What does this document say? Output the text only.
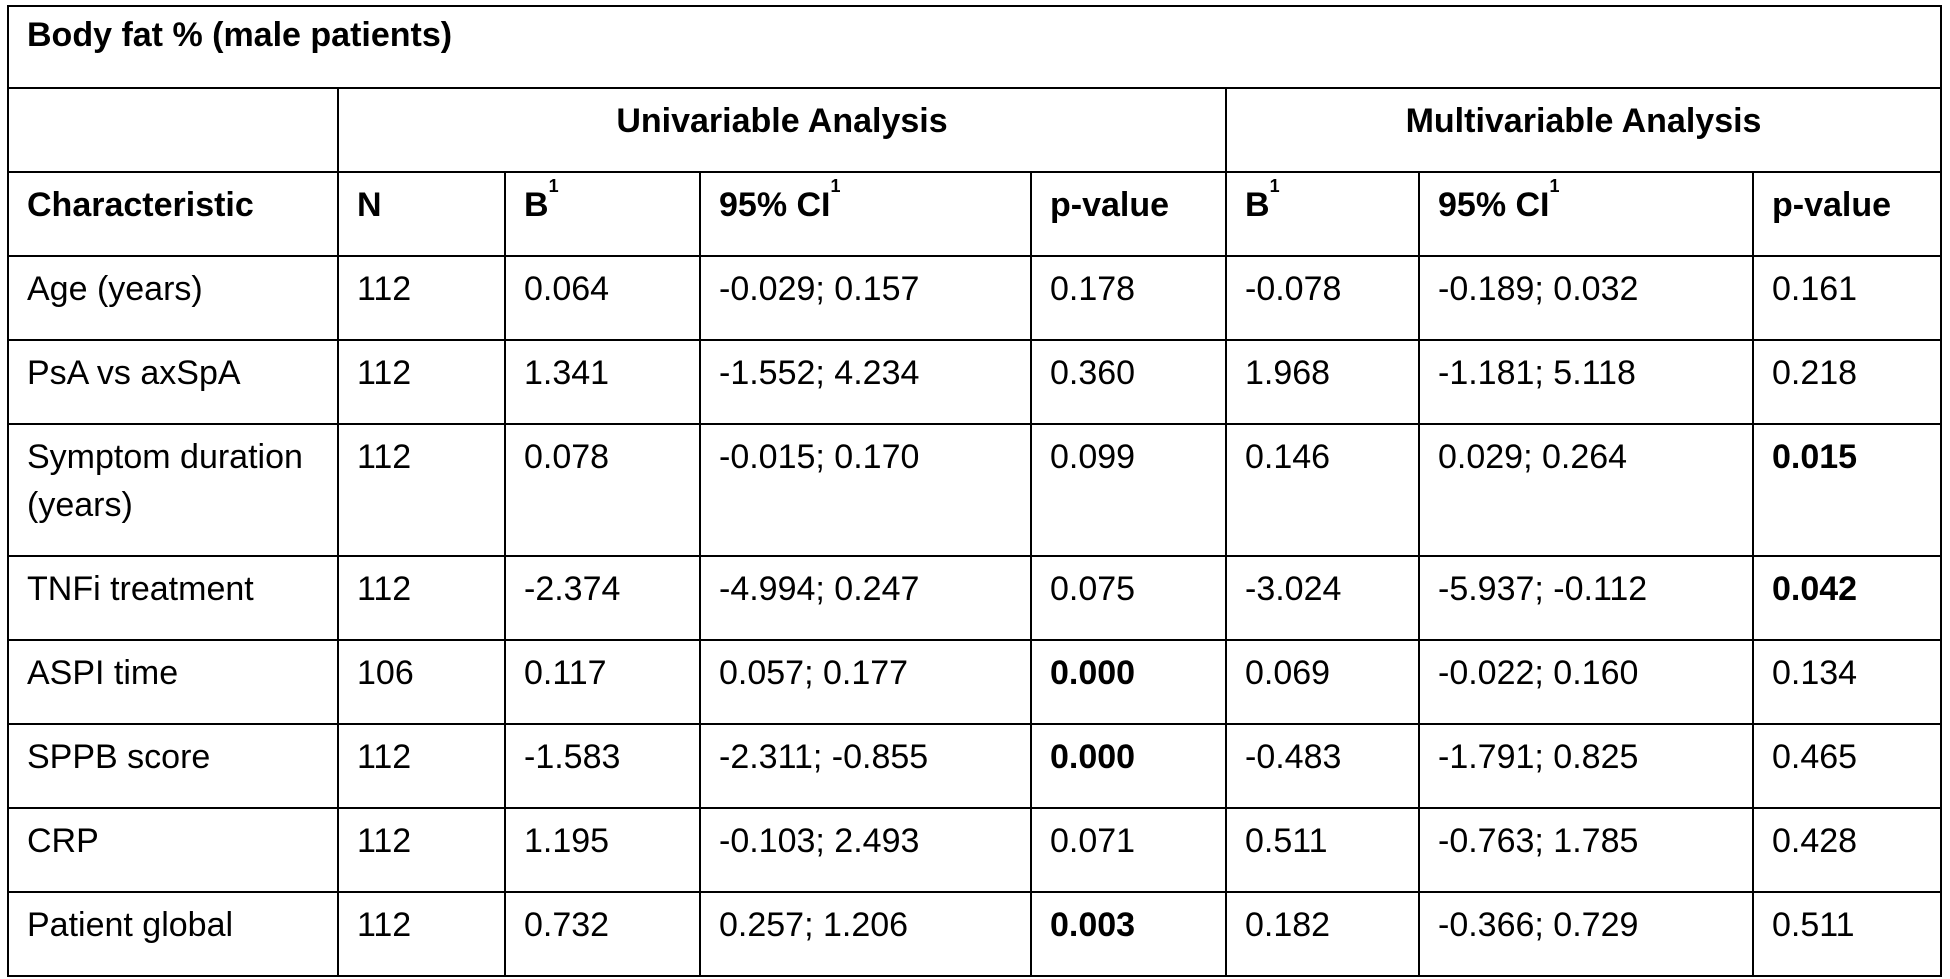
Body fat % (male patients)							

	Univariable Analysis				Multivariable Analysis		

Characteristic	N	$B^1$	95% $CI^1$	p-value	$B^1$	95% $CI^1$	p-value

Age (years)	112	0.064	-0.029; 0.157	0.178	-0.078	-0.189; 0.032	0.161

PsA vs axSpA	112	1.341	-1.552; 4.234	0.360	1.968	-1.181; 5.118	0.218

Symptom duration (years)	112	0.078	-0.015; 0.170	0.099	0.146	0.029; 0.264	0.015

TNFi treatment	112	-2.374	-4.994; 0.247	0.075	-3.024	-5.937; -0.112	0.042

ASPI time	106	0.117	0.057; 0.177	0.000	0.069	-0.022; 0.160	0.134

SPPB score	112	-1.583	-2.311; -0.855	0.000	-0.483	-1.791; 0.825	0.465

CRP	112	1.195	-0.103; 2.493	0.071	0.511	-0.763; 1.785	0.428

Patient global	112	0.732	0.257; 1.206	0.003	0.182	-0.366; 0.729	0.511
